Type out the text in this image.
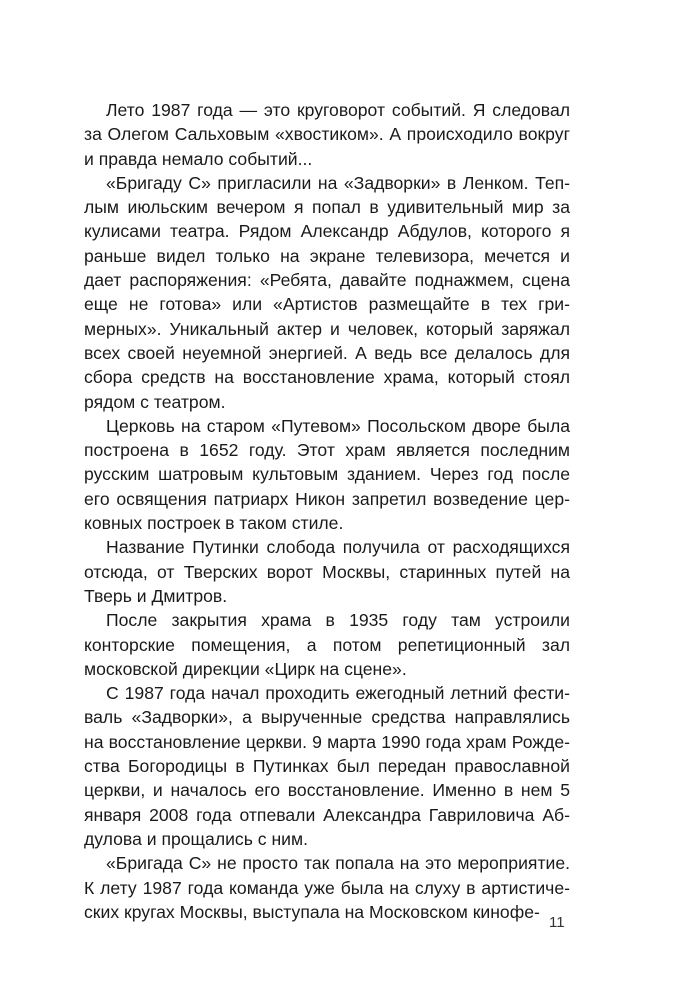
Лето 1987 года — это круговорот событий. Я следовал за Олегом Сальховым «хвостиком». А происходило вокруг и правда немало событий...

«Бригаду С» пригласили на «Задворки» в Ленком. Теплым июльским вечером я попал в удивительный мир за кулисами театра. Рядом Александр Абдулов, которого я раньше видел только на экране телевизора, мечется и дает распоряжения: «Ребята, давайте поднажмем, сцена еще не готова» или «Артистов размещайте в тех гримерных». Уникальный актер и человек, который заряжал всех своей неуемной энергией. А ведь все делалось для сбора средств на восстановление храма, который стоял рядом с театром.

Церковь на старом «Путевом» Посольском дворе была построена в 1652 году. Этот храм является последним русским шатровым культовым зданием. Через год после его освящения патриарх Никон запретил возведение церковных построек в таком стиле.

Название Путинки слобода получила от расходящихся отсюда, от Тверских ворот Москвы, старинных путей на Тверь и Дмитров.

После закрытия храма в 1935 году там устроили конторские помещения, а потом репетиционный зал московской дирекции «Цирк на сцене».

С 1987 года начал проходить ежегодный летний фестиваль «Задворки», а вырученные средства направлялись на восстановление церкви. 9 марта 1990 года храм Рождества Богородицы в Путинках был передан православной церкви, и началось его восстановление. Именно в нем 5 января 2008 года отпевали Александра Гавриловича Абдулова и прощались с ним.

«Бригада С» не просто так попала на это мероприятие. К лету 1987 года команда уже была на слуху в артистических кругах Москвы, выступала на Московском кинофе-

11
